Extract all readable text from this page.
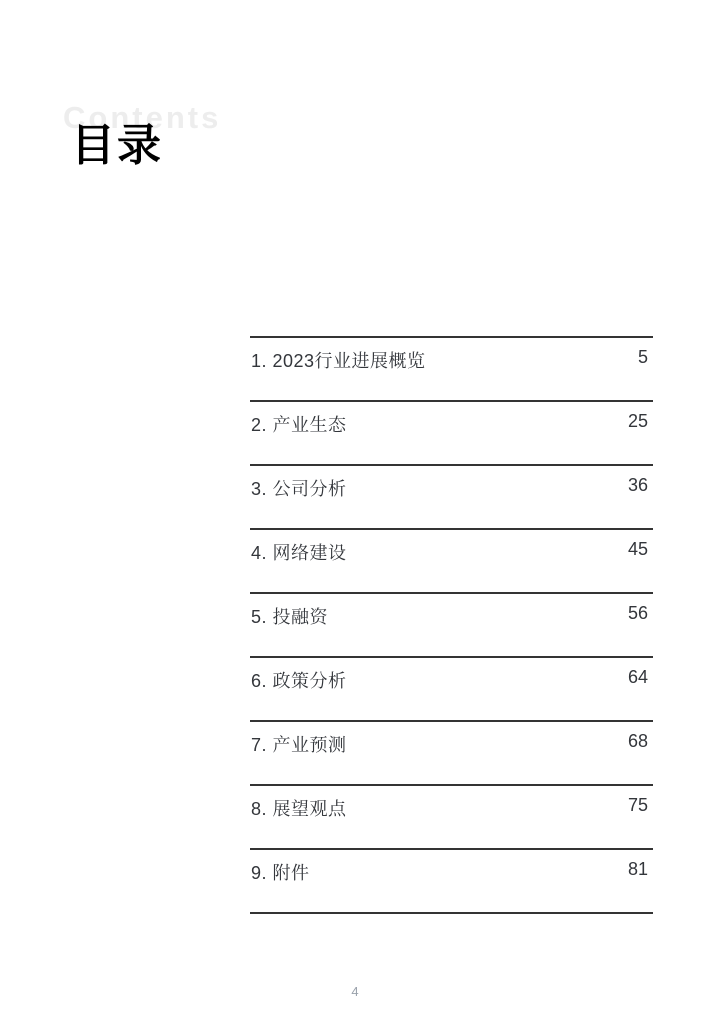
Contents
目录
1. 2023行业进展概览	5
2. 产业生态	25
3. 公司分析	36
4. 网络建设	45
5. 投融资	56
6. 政策分析	64
7. 产业预测	68
8. 展望观点	75
9. 附件	81
4
